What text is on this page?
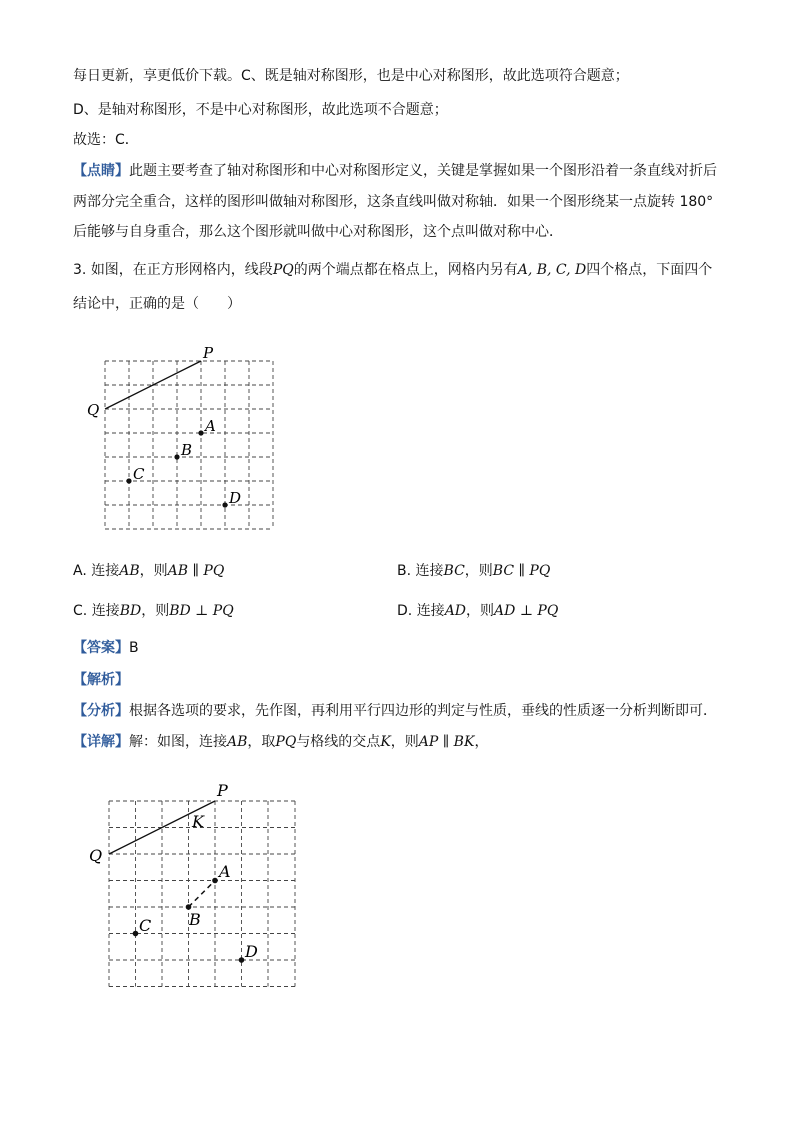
每日更新，享更低价下载。C、既是轴对称图形，也是中心对称图形，故此选项符合题意；
D、是轴对称图形，不是中心对称图形，故此选项不合题意；
故选：C．
【点睛】此题主要考查了轴对称图形和中心对称图形定义，关键是掌握如果一个图形沿着一条直线对折后
两部分完全重合，这样的图形叫做轴对称图形，这条直线叫做对称轴．如果一个图形绕某一点旋转 180°
后能够与自身重合，那么这个图形就叫做中心对称图形，这个点叫做对称中心．
3. 如图，在正方形网格内，线段PQ的两个端点都在格点上，网格内另有A, B, C, D四个格点，下面四个
结论中，正确的是（　　）
P
Q
A
B
C
D
A. 连接AB，则AB ∥ PQ	B. 连接BC，则BC ∥ PQ
C. 连接BD，则BD ⊥ PQ	D. 连接AD，则AD ⊥ PQ
【答案】B
【解析】
【分析】根据各选项的要求，先作图，再利用平行四边形的判定与性质，垂线的性质逐一分析判断即可．
【详解】解：如图，连接AB，取PQ与格线的交点K，则AP ∥ BK，
P
Q
K
A
B
C
D
